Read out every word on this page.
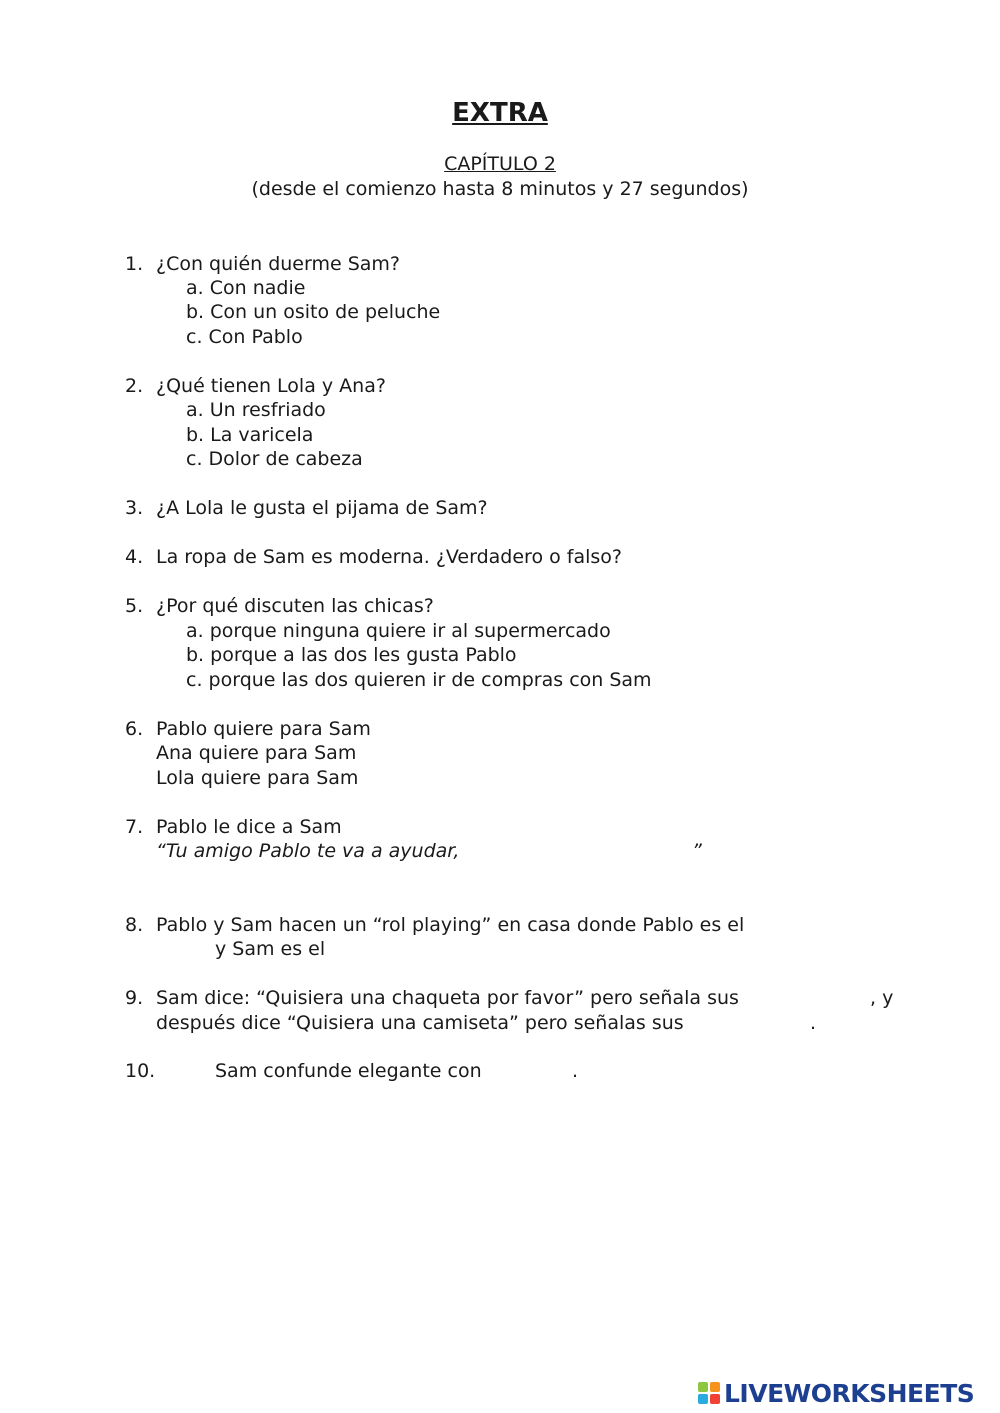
EXTRA
CAPÍTULO 2
(desde el comienzo hasta 8 minutos y 27 segundos)
1. ¿Con quién duerme Sam?
a. Con nadie
b. Con un osito de peluche
c. Con Pablo
2. ¿Qué tienen Lola y Ana?
a. Un resfriado
b. La varicela
c. Dolor de cabeza
3. ¿A Lola le gusta el pijama de Sam?
4. La ropa de Sam es moderna. ¿Verdadero o falso?
5. ¿Por qué discuten las chicas?
a. porque ninguna quiere ir al supermercado
b. porque a las dos les gusta Pablo
c. porque las dos quieren ir de compras con Sam
6. Pablo quiere para Sam
Ana quiere para Sam
Lola quiere para Sam
7. Pablo le dice a Sam
“Tu amigo Pablo te va a ayudar,	”
8. Pablo y Sam hacen un “rol playing” en casa donde Pablo es el
y Sam es el
9. Sam dice: “Quisiera una chaqueta por favor” pero señala sus	, y
después dice “Quisiera una camiseta” pero señalas sus	.
10.	Sam confunde elegante con	.
LIVEWORKSHEETS
